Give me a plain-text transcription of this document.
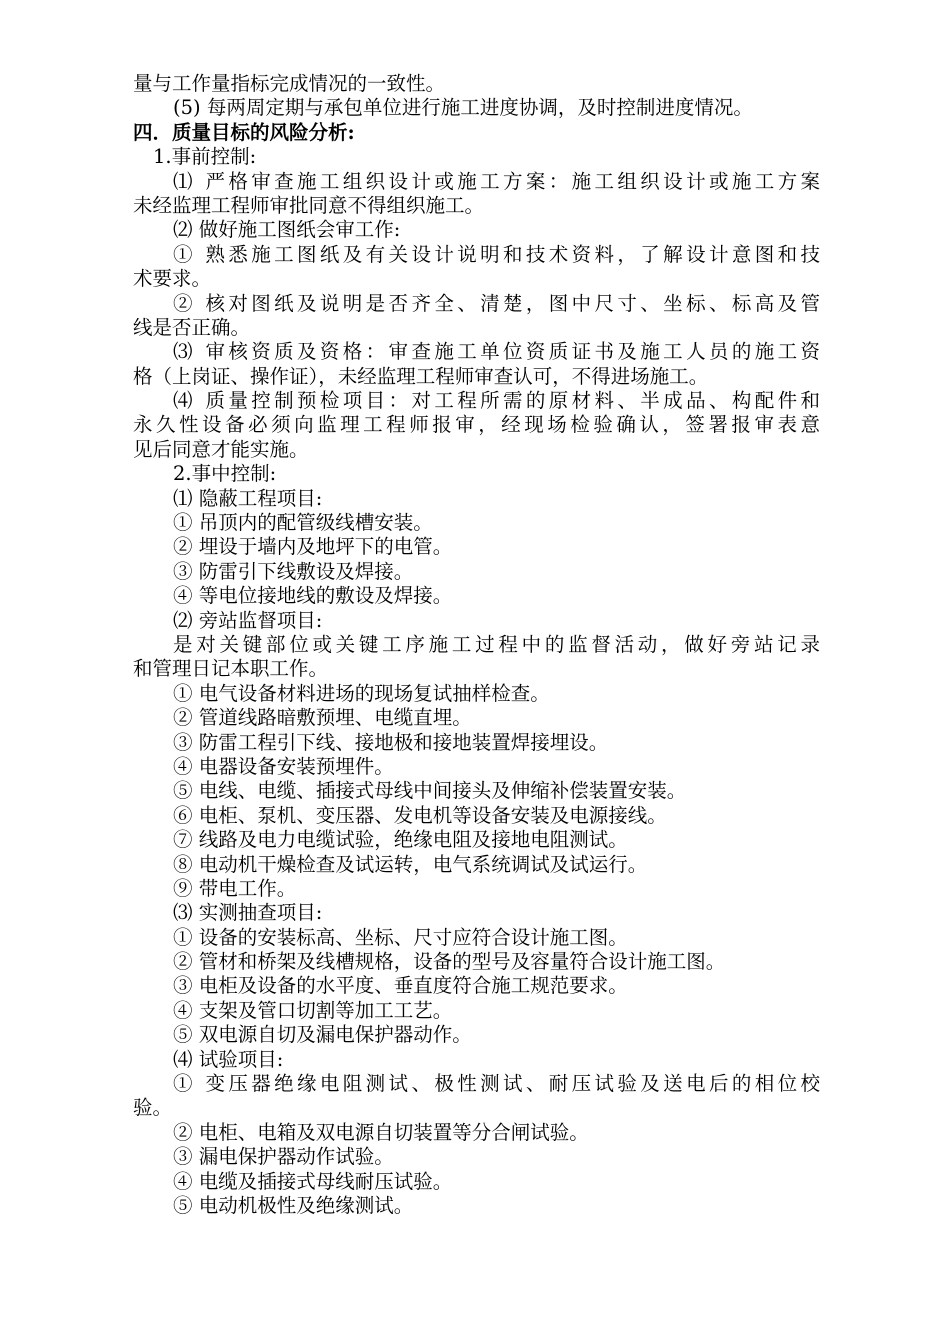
量与工作量指标完成情况的一致性。
(5) 每两周定期与承包单位进行施工进度协调，及时控制进度情况。
四．质量目标的风险分析:
1.事前控制:
⑴ 严格审查施工组织设计或施工方案：施工组织设计或施工方案
未经监理工程师审批同意不得组织施工。
⑵ 做好施工图纸会审工作:
① 熟悉施工图纸及有关设计说明和技术资料，了解设计意图和技
术要求。
② 核对图纸及说明是否齐全、清楚，图中尺寸、坐标、标高及管
线是否正确。
⑶ 审核资质及资格：审查施工单位资质证书及施工人员的施工资
格（上岗证、操作证），未经监理工程师审查认可，不得进场施工。
⑷ 质量控制预检项目：对工程所需的原材料、半成品、构配件和
永久性设备必须向监理工程师报审，经现场检验确认，签署报审表意
见后同意才能实施。
2.事中控制:
⑴ 隐蔽工程项目:
① 吊顶内的配管级线槽安装。
② 埋设于墙内及地坪下的电管。
③ 防雷引下线敷设及焊接。
④ 等电位接地线的敷设及焊接。
⑵ 旁站监督项目:
是对关键部位或关键工序施工过程中的监督活动，做好旁站记录
和管理日记本职工作。
① 电气设备材料进场的现场复试抽样检查。
② 管道线路暗敷预埋、电缆直埋。
③ 防雷工程引下线、接地极和接地装置焊接埋设。
④ 电器设备安装预埋件。
⑤ 电线、电缆、插接式母线中间接头及伸缩补偿装置安装。
⑥ 电柜、泵机、变压器、发电机等设备安装及电源接线。
⑦ 线路及电力电缆试验，绝缘电阻及接地电阻测试。
⑧ 电动机干燥检查及试运转，电气系统调试及试运行。
⑨ 带电工作。
⑶ 实测抽查项目:
① 设备的安装标高、坐标、尺寸应符合设计施工图。
② 管材和桥架及线槽规格，设备的型号及容量符合设计施工图。
③ 电柜及设备的水平度、垂直度符合施工规范要求。
④ 支架及管口切割等加工工艺。
⑤ 双电源自切及漏电保护器动作。
⑷ 试验项目:
① 变压器绝缘电阻测试、极性测试、耐压试验及送电后的相位校
验。
② 电柜、电箱及双电源自切装置等分合闸试验。
③ 漏电保护器动作试验。
④ 电缆及插接式母线耐压试验。
⑤ 电动机极性及绝缘测试。
